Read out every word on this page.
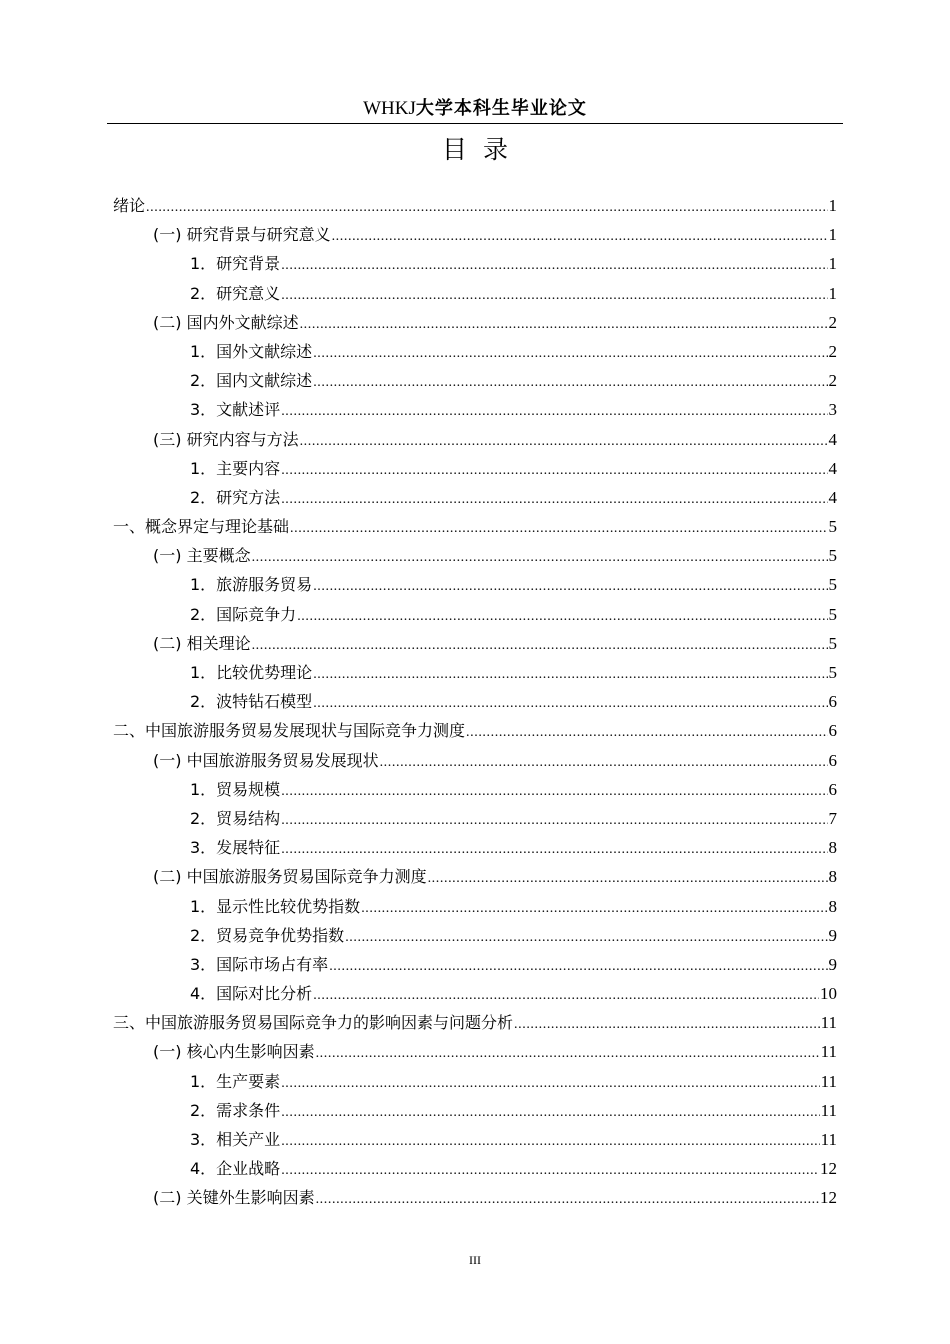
WHKJ大学本科生毕业论文
目  录
绪论 .....	1
(一) 研究背景与研究意义 .....	1
1．研究背景 .....	1
2．研究意义 .....	1
(二) 国内外文献综述 .....	2
1．国外文献综述 .....	2
2．国内文献综述 .....	2
3．文献述评 .....	3
(三) 研究内容与方法 .....	4
1．主要内容 .....	4
2．研究方法 .....	4
一、概念界定与理论基础 .....	5
(一) 主要概念 .....	5
1．旅游服务贸易 .....	5
2．国际竞争力 .....	5
(二) 相关理论 .....	5
1．比较优势理论 .....	5
2．波特钻石模型 .....	6
二、中国旅游服务贸易发展现状与国际竞争力测度 .....	6
(一) 中国旅游服务贸易发展现状 .....	6
1．贸易规模 .....	6
2．贸易结构 .....	7
3．发展特征 .....	8
(二) 中国旅游服务贸易国际竞争力测度 .....	8
1．显示性比较优势指数 .....	8
2．贸易竞争优势指数 .....	9
3．国际市场占有率 .....	9
4．国际对比分析 .....	10
三、中国旅游服务贸易国际竞争力的影响因素与问题分析 .....	11
(一) 核心内生影响因素 .....	11
1．生产要素 .....	11
2．需求条件 .....	11
3．相关产业 .....	11
4．企业战略 .....	12
(二) 关键外生影响因素 .....	12
III
